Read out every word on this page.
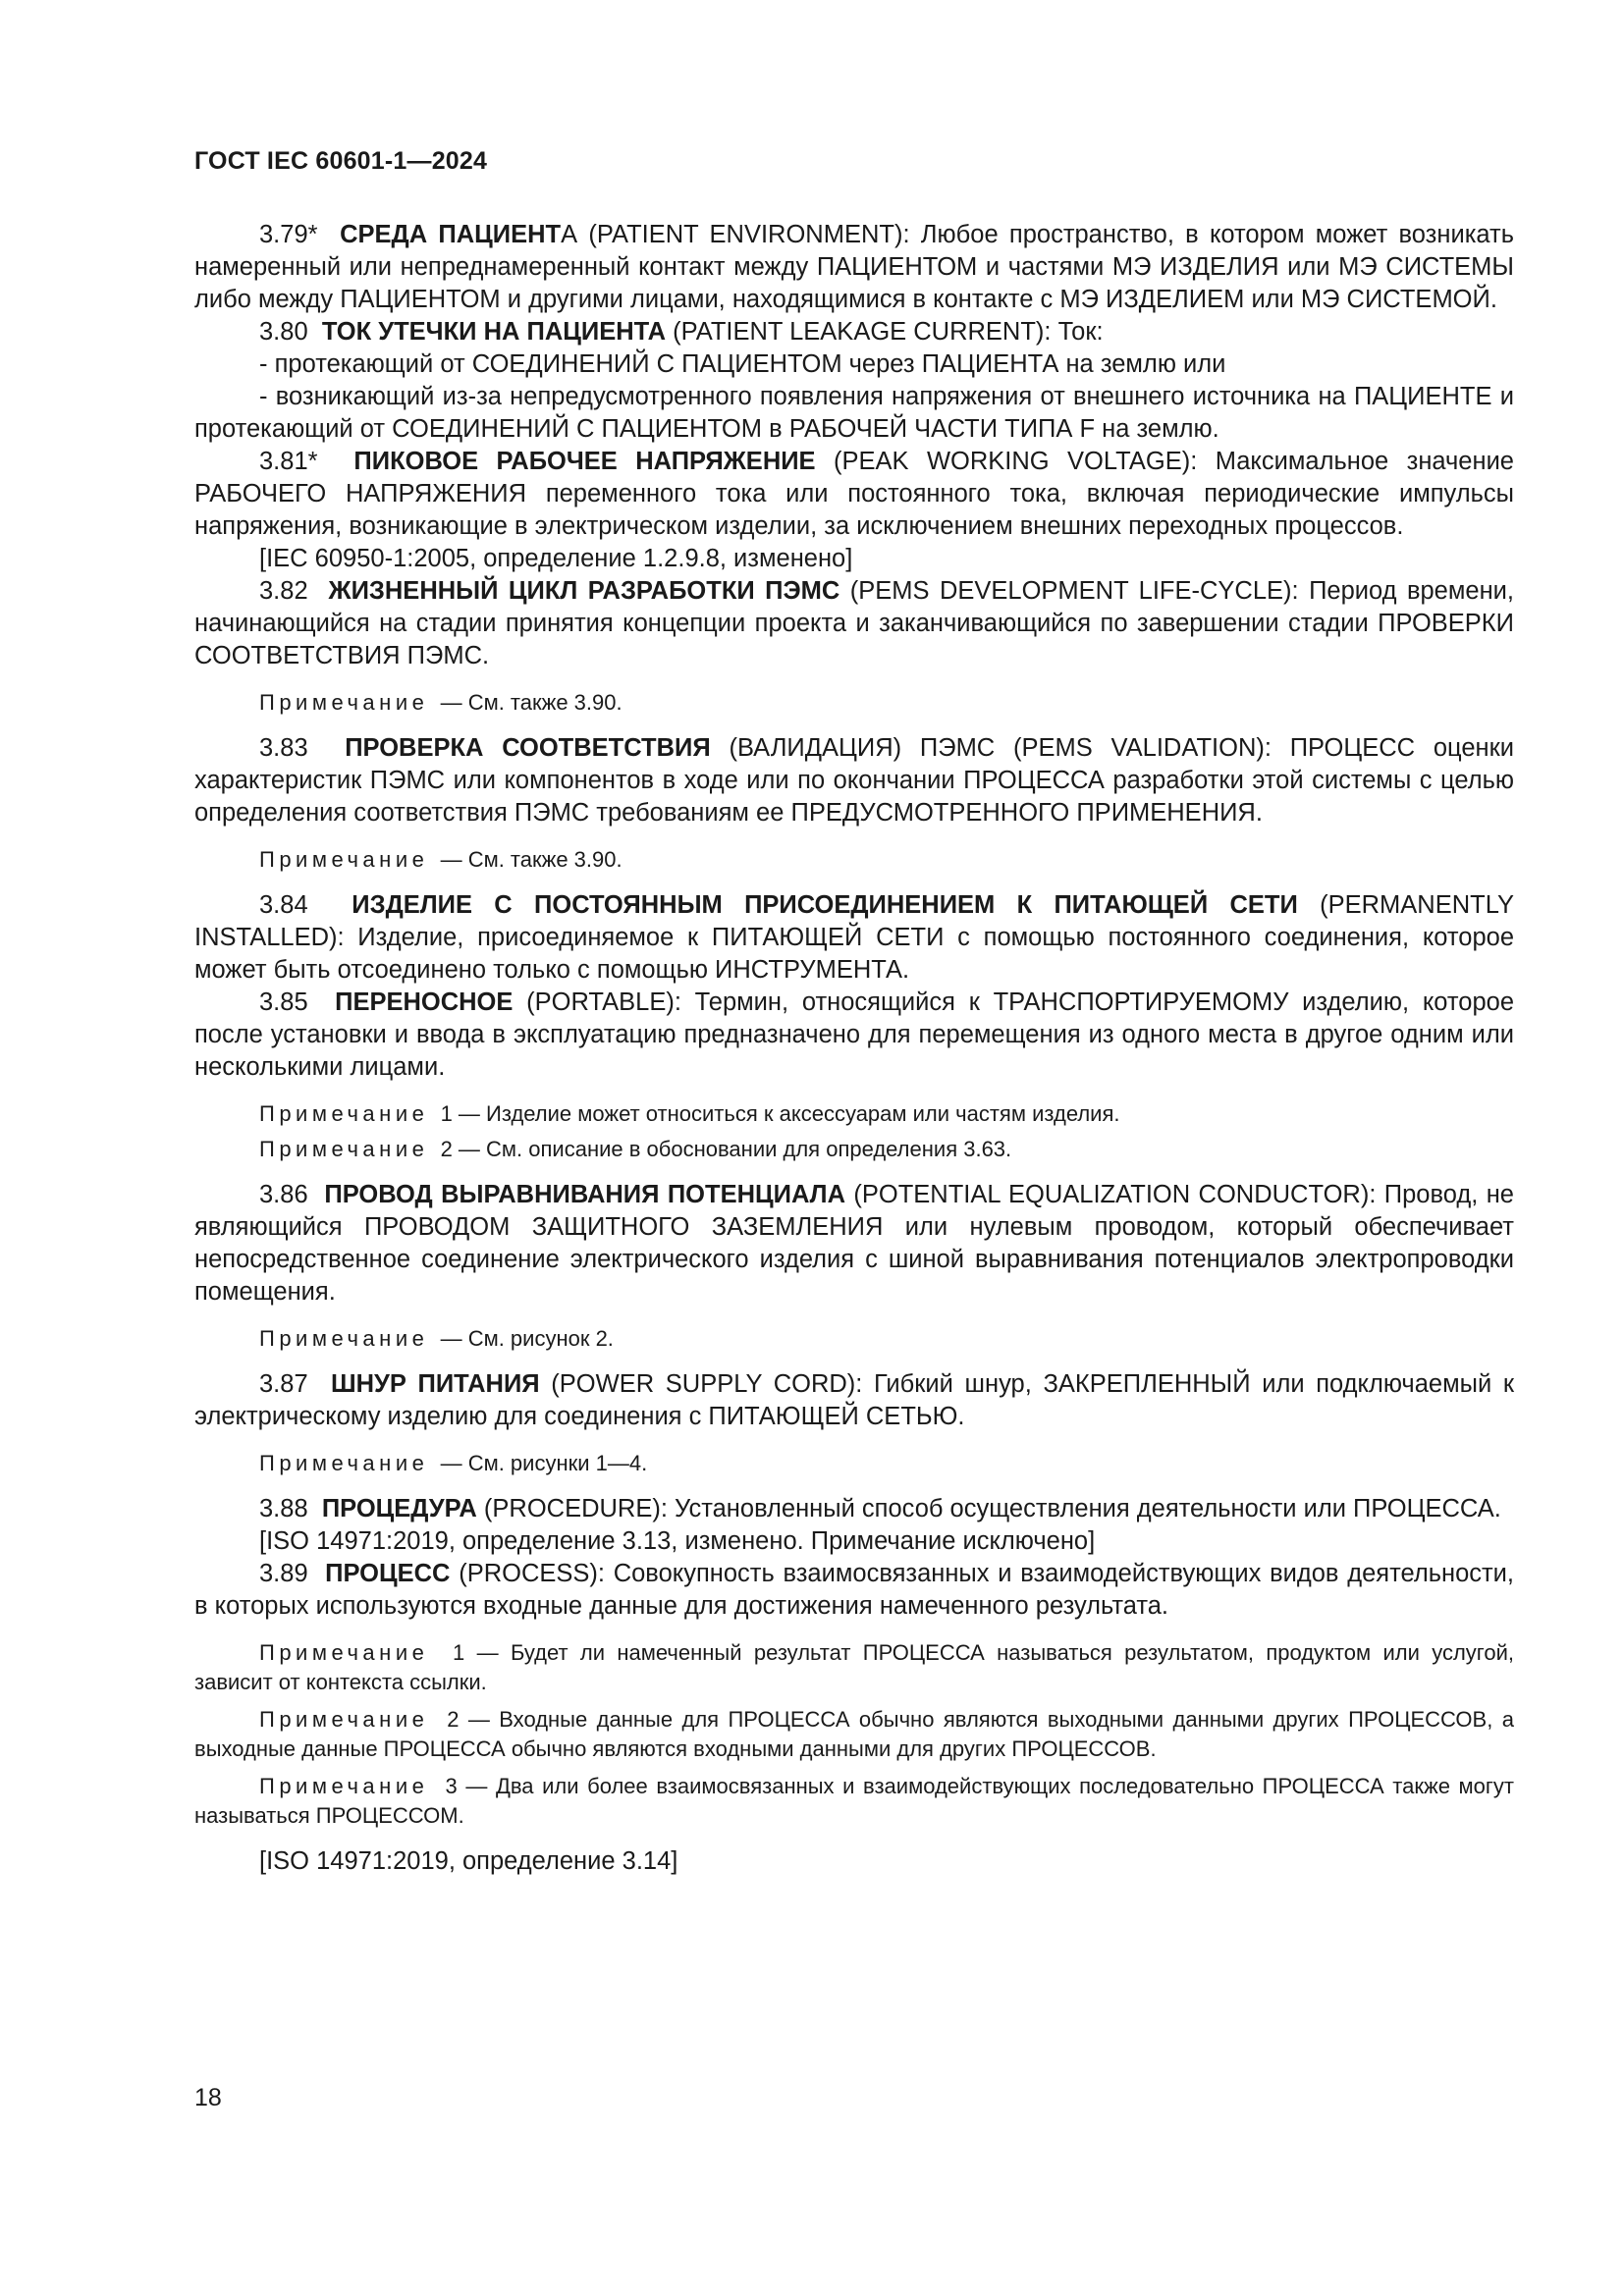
ГОСТ IEC 60601-1—2024

3.79* СРЕДА ПАЦИЕНТА (PATIENT ENVIRONMENT): Любое пространство, в котором может возникать намеренный или непреднамеренный контакт между ПАЦИЕНТОМ и частями МЭ ИЗДЕЛИЯ или МЭ СИСТЕМЫ либо между ПАЦИЕНТОМ и другими лицами, находящимися в контакте с МЭ ИЗДЕЛИЕМ или МЭ СИСТЕМОЙ.

3.80 ТОК УТЕЧКИ НА ПАЦИЕНТА (PATIENT LEAKAGE CURRENT): Ток:

- протекающий от СОЕДИНЕНИЙ С ПАЦИЕНТОМ через ПАЦИЕНТА на землю или

- возникающий из-за непредусмотренного появления напряжения от внешнего источника на ПАЦИЕНТЕ и протекающий от СОЕДИНЕНИЙ С ПАЦИЕНТОМ в РАБОЧЕЙ ЧАСТИ ТИПА F на землю.

3.81* ПИКОВОЕ РАБОЧЕЕ НАПРЯЖЕНИЕ (PEAK WORKING VOLTAGE): Максимальное значение РАБОЧЕГО НАПРЯЖЕНИЯ переменного тока или постоянного тока, включая периодические импульсы напряжения, возникающие в электрическом изделии, за исключением внешних переходных процессов.

[IEC 60950-1:2005, определение 1.2.9.8, изменено]

3.82 ЖИЗНЕННЫЙ ЦИКЛ РАЗРАБОТКИ ПЭМС (PEMS DEVELOPMENT LIFE-CYCLE): Период времени, начинающийся на стадии принятия концепции проекта и заканчивающийся по завершении стадии ПРОВЕРКИ СООТВЕТСТВИЯ ПЭМС.

Примечание — См. также 3.90.

3.83 ПРОВЕРКА СООТВЕТСТВИЯ (ВАЛИДАЦИЯ) ПЭМС (PEMS VALIDATION): ПРОЦЕСС оценки характеристик ПЭМС или компонентов в ходе или по окончании ПРОЦЕССА разработки этой системы с целью определения соответствия ПЭМС требованиям ее ПРЕДУСМОТРЕННОГО ПРИМЕНЕНИЯ.

Примечание — См. также 3.90.

3.84 ИЗДЕЛИЕ С ПОСТОЯННЫМ ПРИСОЕДИНЕНИЕМ К ПИТАЮЩЕЙ СЕТИ (PERMANENTLY INSTALLED): Изделие, присоединяемое к ПИТАЮЩЕЙ СЕТИ с помощью постоянного соединения, которое может быть отсоединено только с помощью ИНСТРУМЕНТА.

3.85 ПЕРЕНОСНОЕ (PORTABLE): Термин, относящийся к ТРАНСПОРТИРУЕМОМУ изделию, которое после установки и ввода в эксплуатацию предназначено для перемещения из одного места в другое одним или несколькими лицами.

Примечание 1 — Изделие может относиться к аксессуарам или частям изделия.

Примечание 2 — См. описание в обосновании для определения 3.63.

3.86 ПРОВОД ВЫРАВНИВАНИЯ ПОТЕНЦИАЛА (POTENTIAL EQUALIZATION CONDUCTOR): Провод, не являющийся ПРОВОДОМ ЗАЩИТНОГО ЗАЗЕМЛЕНИЯ или нулевым проводом, который обеспечивает непосредственное соединение электрического изделия с шиной выравнивания потенциалов электропроводки помещения.

Примечание — См. рисунок 2.

3.87 ШНУР ПИТАНИЯ (POWER SUPPLY CORD): Гибкий шнур, ЗАКРЕПЛЕННЫЙ или подключаемый к электрическому изделию для соединения с ПИТАЮЩЕЙ СЕТЬЮ.

Примечание — См. рисунки 1—4.

3.88 ПРОЦЕДУРА (PROCEDURE): Установленный способ осуществления деятельности или ПРОЦЕССА.

[ISO 14971:2019, определение 3.13, изменено. Примечание исключено]

3.89 ПРОЦЕСС (PROCESS): Совокупность взаимосвязанных и взаимодействующих видов деятельности, в которых используются входные данные для достижения намеченного результата.

Примечание 1 — Будет ли намеченный результат ПРОЦЕССА называться результатом, продуктом или услугой, зависит от контекста ссылки.

Примечание 2 — Входные данные для ПРОЦЕССА обычно являются выходными данными других ПРОЦЕССОВ, а выходные данные ПРОЦЕССА обычно являются входными данными для других ПРОЦЕССОВ.

Примечание 3 — Два или более взаимосвязанных и взаимодействующих последовательно ПРОЦЕССА также могут называться ПРОЦЕССОМ.

[ISO 14971:2019, определение 3.14]

18
